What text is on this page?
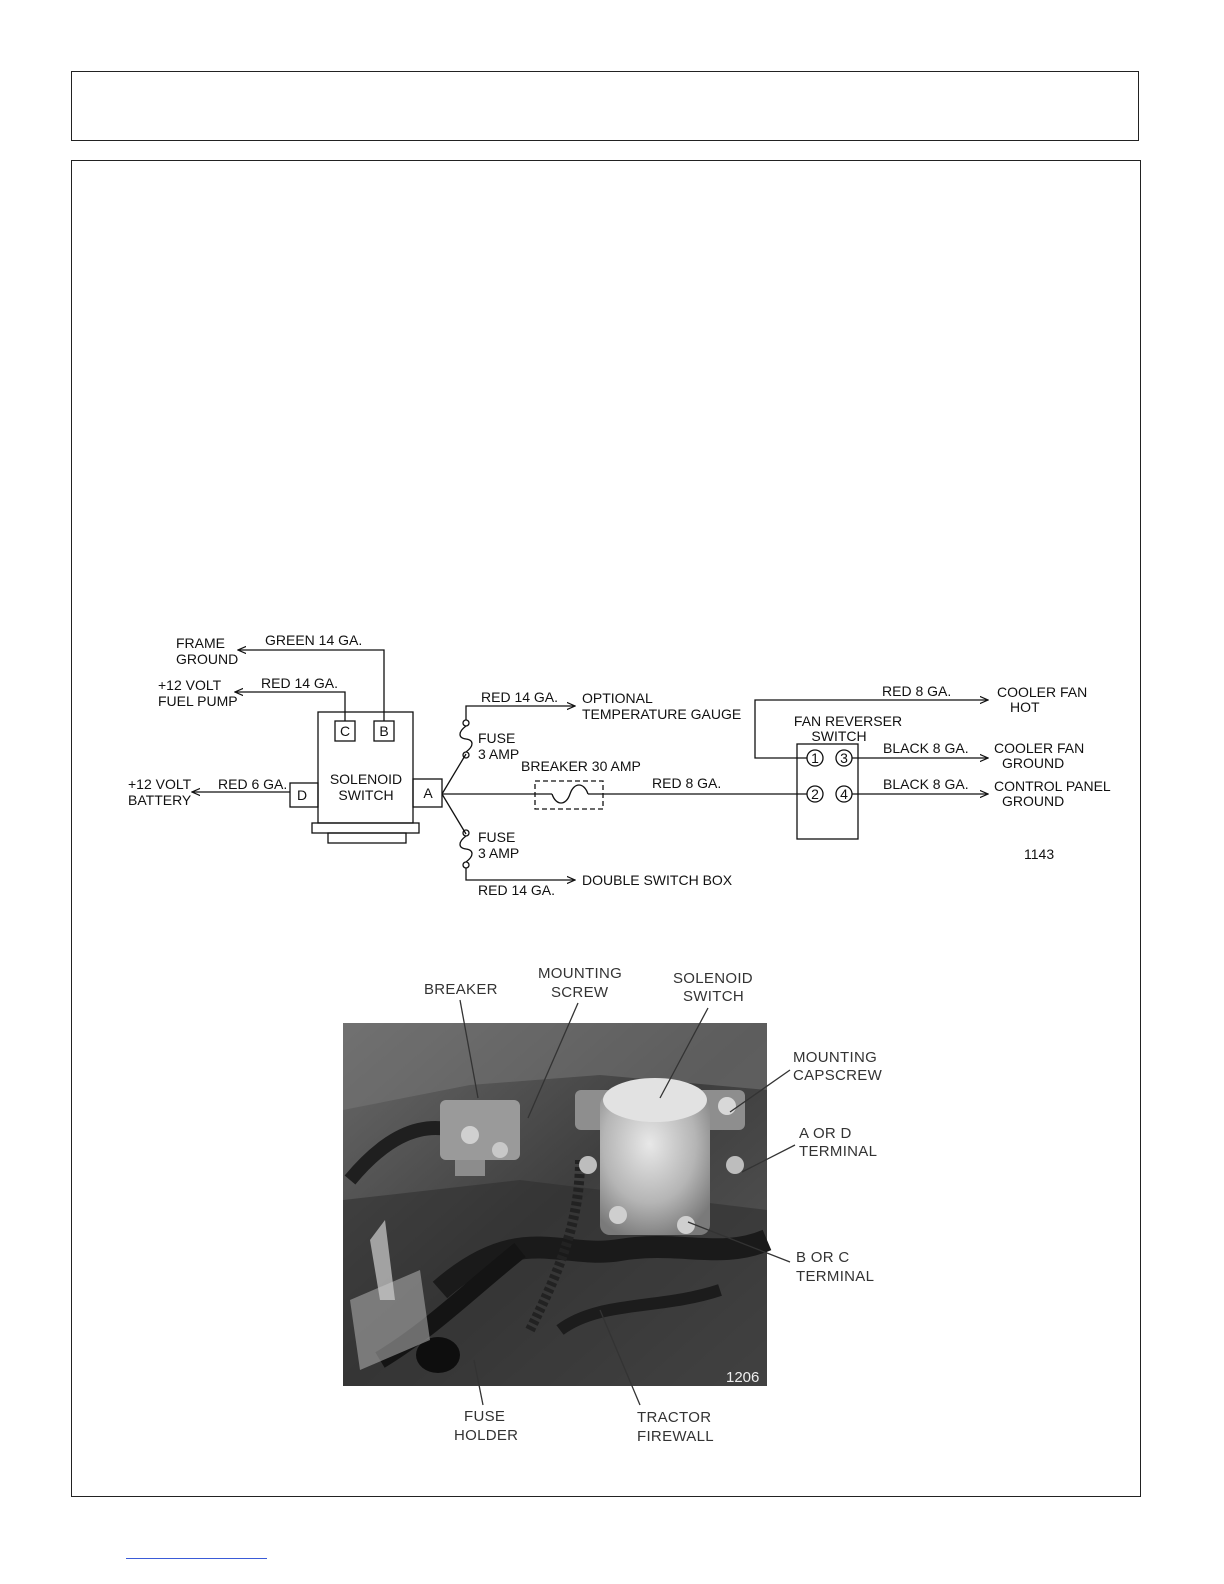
C B
D	A
SOLENOID
SWITCH
GREEN 14 GA.
FRAME
GROUND
RED 14 GA.
+12 VOLT
FUEL PUMP
RED 6 GA.
+12 VOLT
BATTERY
RED 14 GA. OPTIONAL
TEMPERATURE GAUGE
FUSE
3 AMP
FUSE
3 AMP
RED 14 GA.
DOUBLE SWITCH BOX
BREAKER 30 AMP
RED 8 GA.
FAN REVERSER
SWITCH
1 3
2 4
RED 8 GA.	COOLER FAN
HOT
BLACK 8 GA. COOLER FAN
GROUND
BLACK 8 GA. CONTROL PANEL
GROUND
1143
1206
BREAKER
MOUNTING
SCREW
SOLENOID
SWITCH
MOUNTING
CAPSCREW
A OR D
TERMINAL
B OR C
TERMINAL
FUSE
HOLDER
TRACTOR
FIREWALL
